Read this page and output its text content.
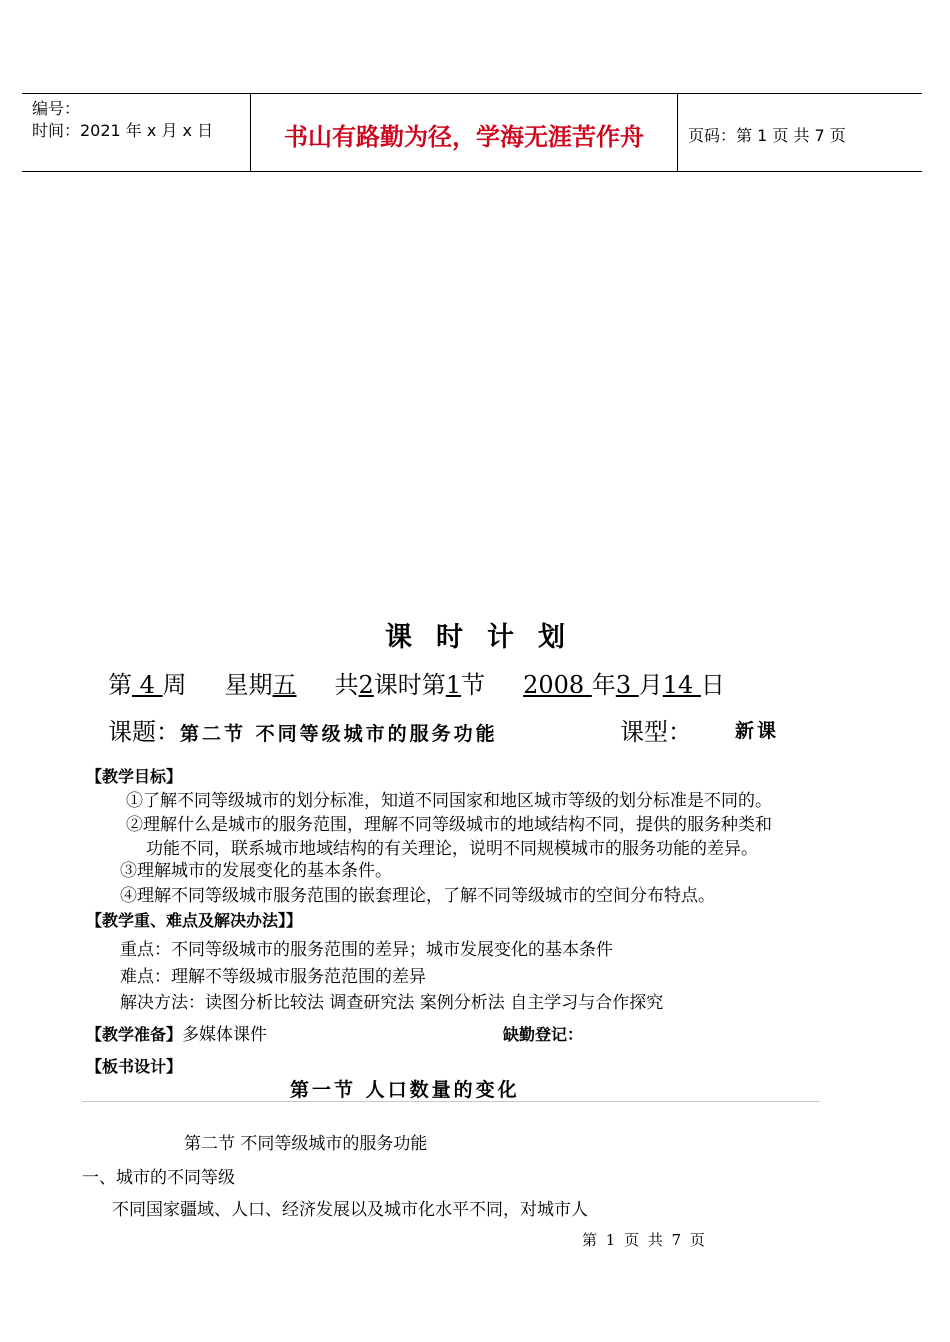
编号：
时间：2021 年 x 月 x 日	书山有路勤为径，学海无涯苦作舟	页码：第 1 页 共 7 页
课时计划
第 4 周 星期五 共2课时第1节 2008 年3 月14 日
课题：第二节 不同等级城市的服务功能	课型： 新课
【教学目标】
①了解不同等级城市的划分标准，知道不同国家和地区城市等级的划分标准是不同的。
②理解什么是城市的服务范围，理解不同等级城市的地域结构不同，提供的服务种类和
功能不同，联系城市地域结构的有关理论，说明不同规模城市的服务功能的差异。
③理解城市的发展变化的基本条件。
④理解不同等级城市服务范围的嵌套理论，了解不同等级城市的空间分布特点。
【教学重、难点及解决办法】】
重点：不同等级城市的服务范围的差异；城市发展变化的基本条件
难点：理解不等级城市服务范范围的差异
解决方法：读图分析比较法 调查研究法 案例分析法 自主学习与合作探究
【教学准备】多媒体课件	缺勤登记：
【板书设计】
第一节 人口数量的变化
第二节 不同等级城市的服务功能
一、城市的不同等级
不同国家疆域、人口、经济发展以及城市化水平不同，对城市人
第 1 页 共 7 页
